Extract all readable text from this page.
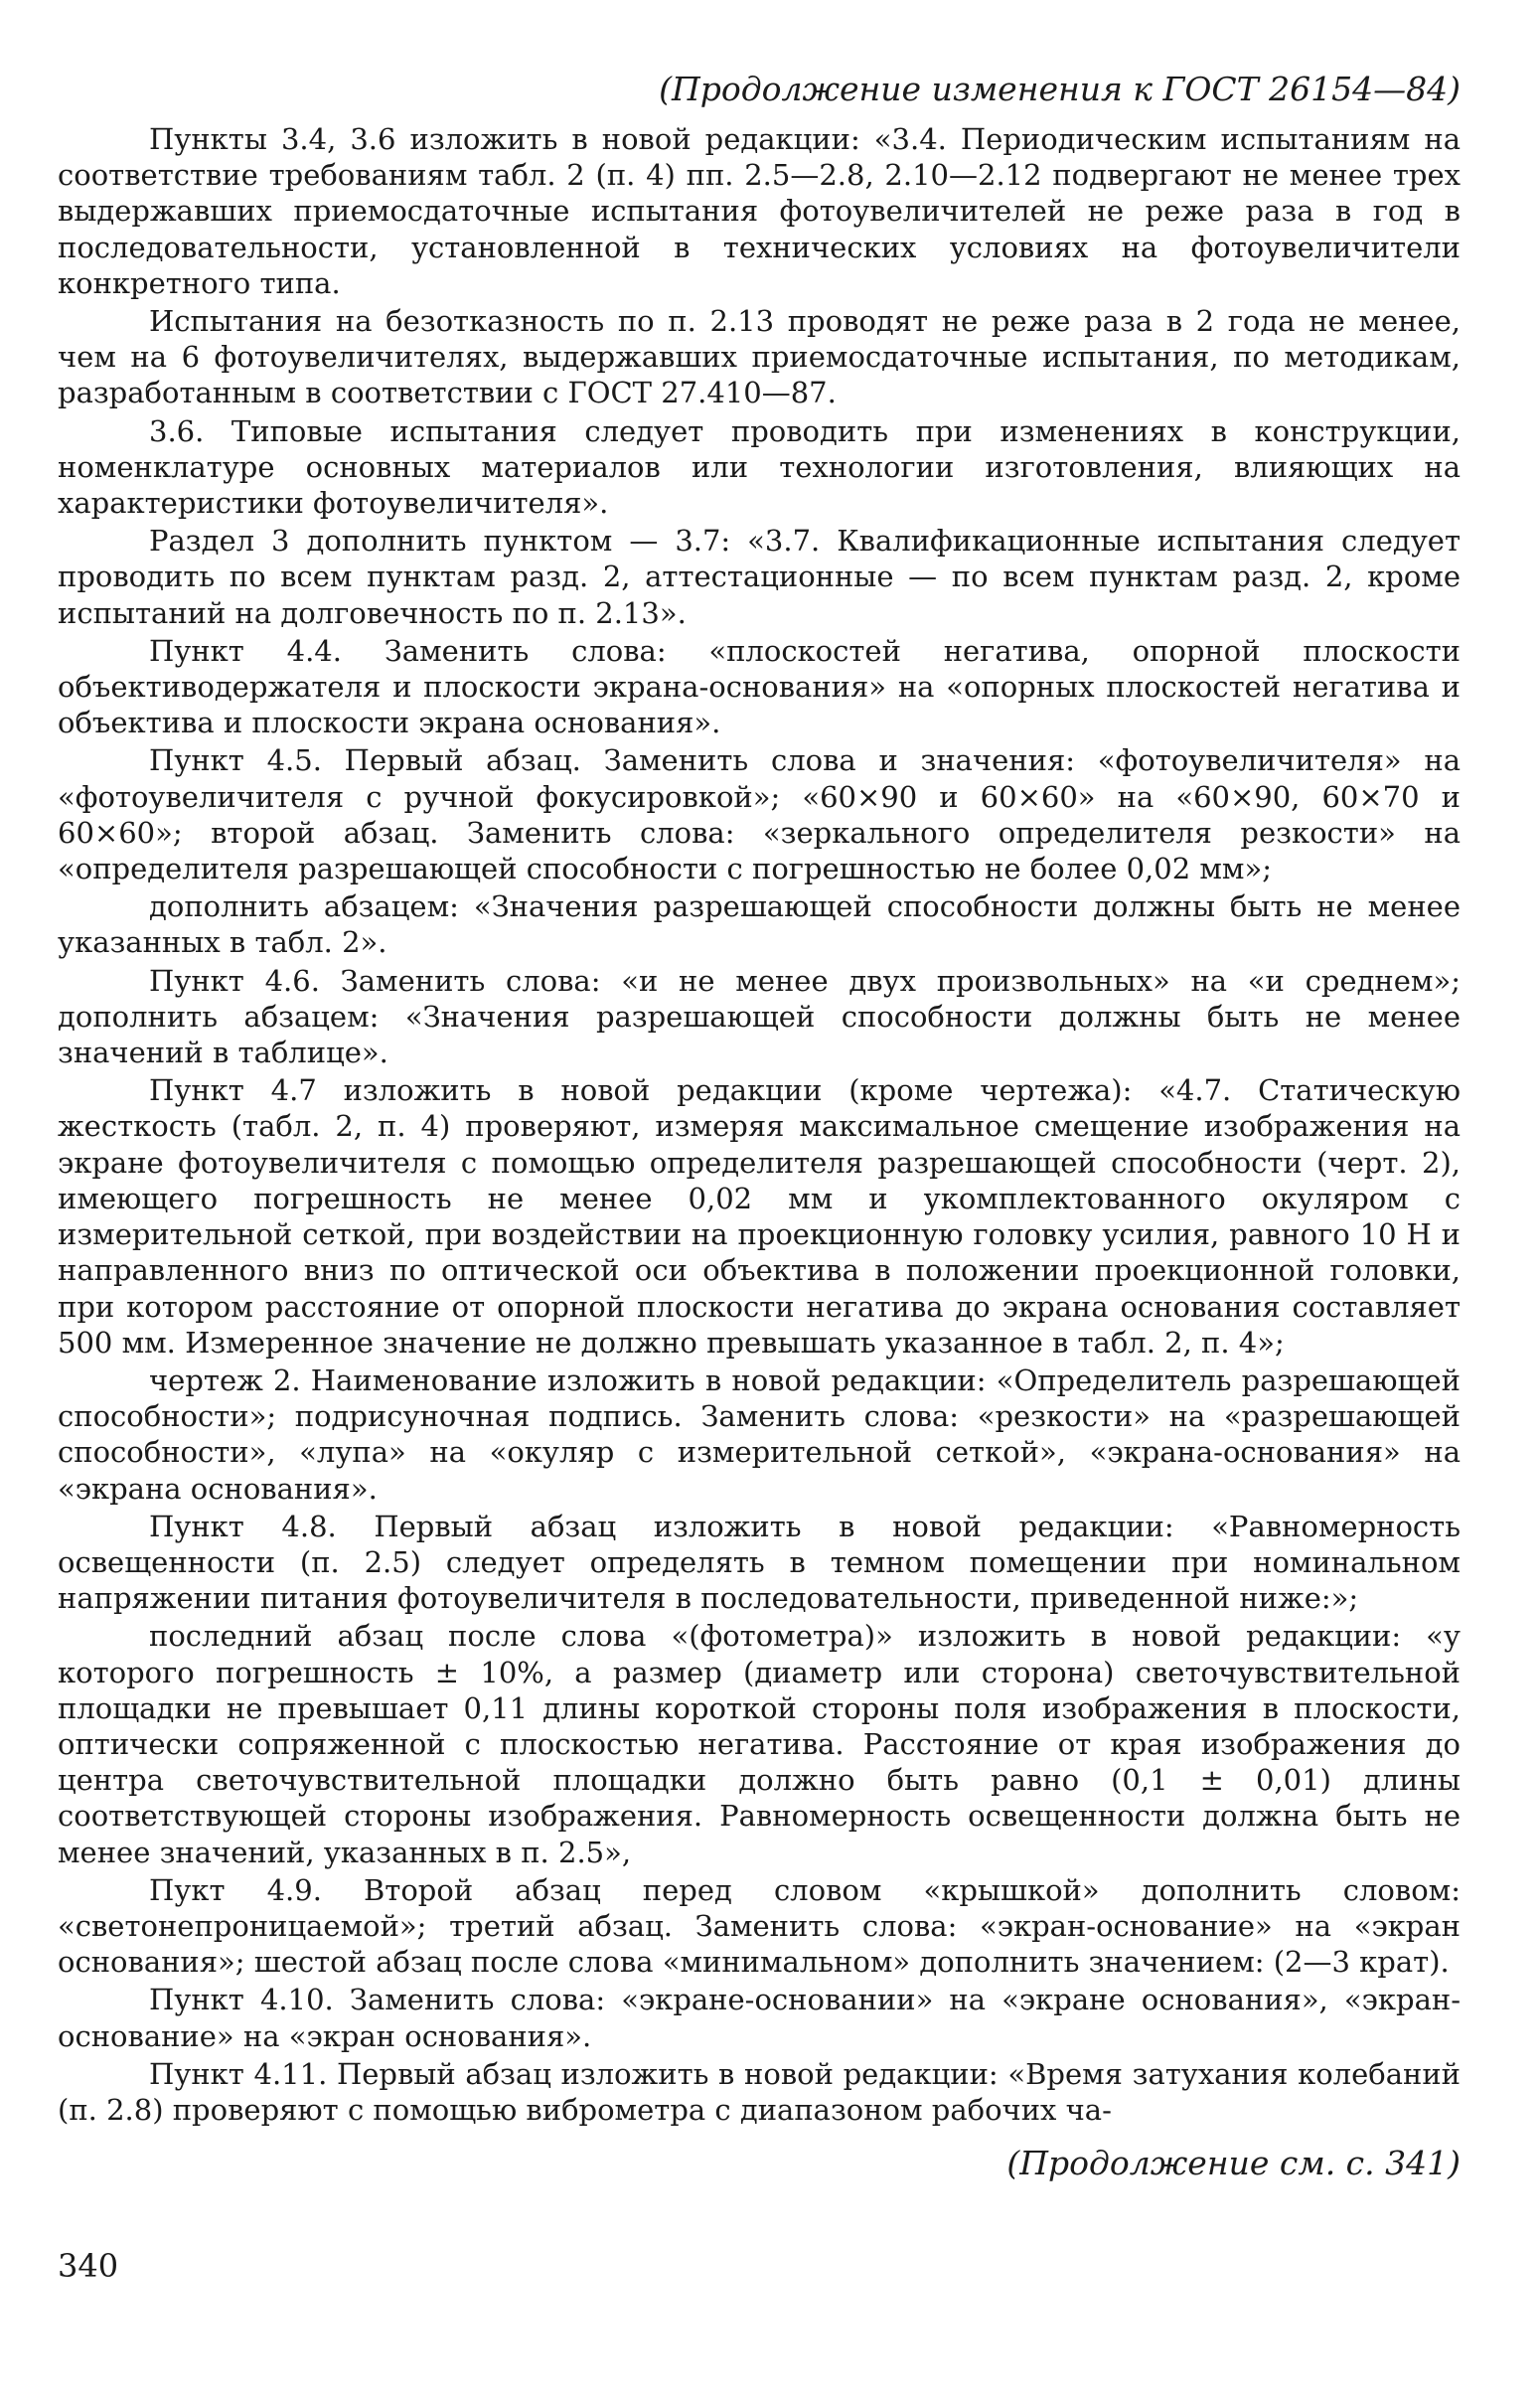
(Продолжение изменения к ГОСТ 26154—84)

Пункты 3.4, 3.6 изложить в новой редакции: «3.4. Периодическим испытаниям на соответствие требованиям табл. 2 (п. 4) пп. 2.5—2.8, 2.10—2.12 подвергают не менее трех выдержавших приемосдаточные испытания фотоувеличителей не реже раза в год в последовательности, установленной в технических условиях на фотоувеличители конкретного типа.

Испытания на безотказность по п. 2.13 проводят не реже раза в 2 года не менее, чем на 6 фотоувеличителях, выдержавших приемосдаточные испытания, по методикам, разработанным в соответствии с ГОСТ 27.410—87.

3.6. Типовые испытания следует проводить при изменениях в конструкции, номенклатуре основных материалов или технологии изготовления, влияющих на характеристики фотоувеличителя».

Раздел 3 дополнить пунктом — 3.7: «3.7. Квалификационные испытания следует проводить по всем пунктам разд. 2, аттестационные — по всем пунктам разд. 2, кроме испытаний на долговечность по п. 2.13».

Пункт 4.4. Заменить слова: «плоскостей негатива, опорной плоскости объективодержателя и плоскости экрана-основания» на «опорных плоскостей негатива и объектива и плоскости экрана основания».

Пункт 4.5. Первый абзац. Заменить слова и значения: «фотоувеличителя» на «фотоувеличителя с ручной фокусировкой»; «60×90 и 60×60» на «60×90, 60×70 и 60×60»; второй абзац. Заменить слова: «зеркального определителя резкости» на «определителя разрешающей способности с погрешностью не более 0,02 мм»;

дополнить абзацем: «Значения разрешающей способности должны быть не менее указанных в табл. 2».

Пункт 4.6. Заменить слова: «и не менее двух произвольных» на «и среднем»; дополнить абзацем: «Значения разрешающей способности должны быть не менее значений в таблице».

Пункт 4.7 изложить в новой редакции (кроме чертежа): «4.7. Статическую жесткость (табл. 2, п. 4) проверяют, измеряя максимальное смещение изображения на экране фотоувеличителя с помощью определителя разрешающей способности (черт. 2), имеющего погрешность не менее 0,02 мм и укомплектованного окуляром с измерительной сеткой, при воздействии на проекционную головку усилия, равного 10 Н и направленного вниз по оптической оси объектива в положении проекционной головки, при котором расстояние от опорной плоскости негатива до экрана основания составляет 500 мм. Измеренное значение не должно превышать указанное в табл. 2, п. 4»;

чертеж 2. Наименование изложить в новой редакции: «Определитель разрешающей способности»; подрисуночная подпись. Заменить слова: «резкости» на «разрешающей способности», «лупа» на «окуляр с измерительной сеткой», «экрана-основания» на «экрана основания».

Пункт 4.8. Первый абзац изложить в новой редакции: «Равномерность освещенности (п. 2.5) следует определять в темном помещении при номинальном напряжении питания фотоувеличителя в последовательности, приведенной ниже:»;

последний абзац после слова «(фотометра)» изложить в новой редакции: «у которого погрешность ± 10%, а размер (диаметр или сторона) светочувствительной площадки не превышает 0,11 длины короткой стороны поля изображения в плоскости, оптически сопряженной с плоскостью негатива. Расстояние от края изображения до центра светочувствительной площадки должно быть равно (0,1 ± 0,01) длины соответствующей стороны изображения. Равномерность освещенности должна быть не менее значений, указанных в п. 2.5»,

Пукт 4.9. Второй абзац перед словом «крышкой» дополнить словом: «светонепроницаемой»; третий абзац. Заменить слова: «экран-основание» на «экран основания»; шестой абзац после слова «минимальном» дополнить значением: (2—3 крат).

Пункт 4.10. Заменить слова: «экране-основании» на «экране основания», «экран-основание» на «экран основания».

Пункт 4.11. Первый абзац изложить в новой редакции: «Время затухания колебаний (п. 2.8) проверяют с помощью виброметра с диапазоном рабочих ча-

(Продолжение см. с. 341)
340
